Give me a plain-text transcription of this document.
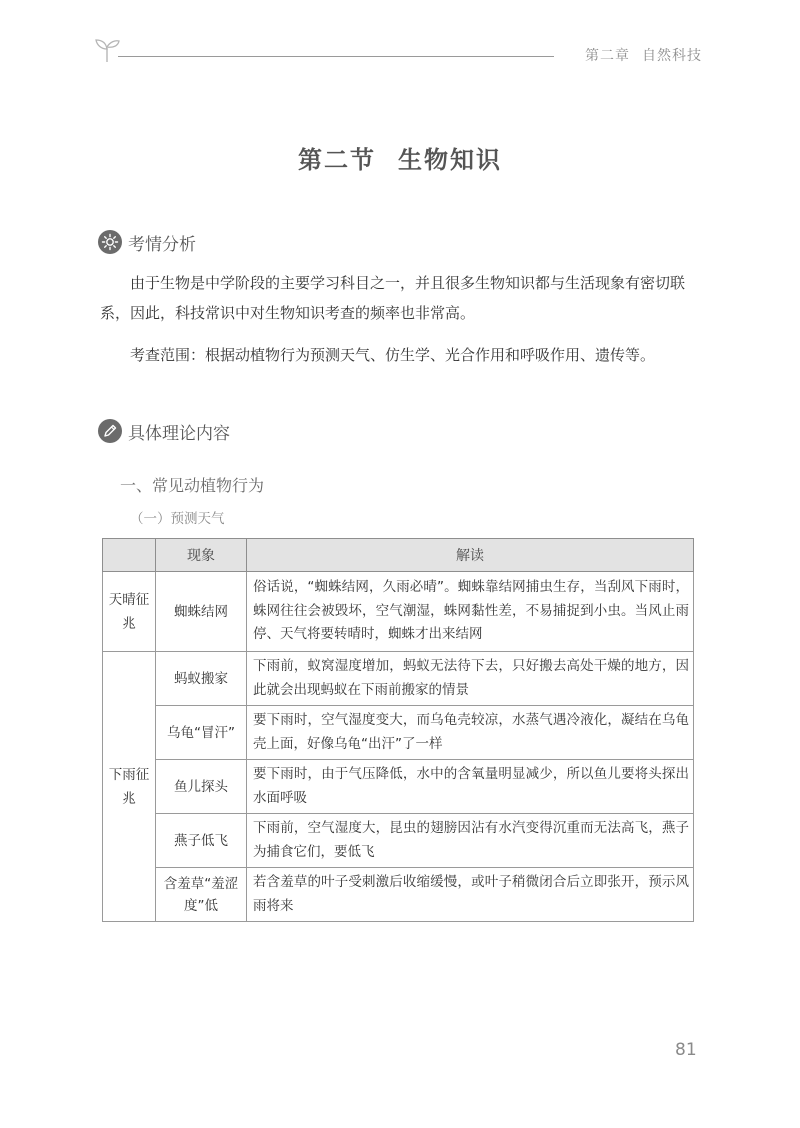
第二章 自然科技
第二节 生物知识
考情分析

由于生物是中学阶段的主要学习科目之一，并且很多生物知识都与生活现象有密切联系，因此，科技常识中对生物知识考查的频率也非常高。

考查范围：根据动植物行为预测天气、仿生学、光合作用和呼吸作用、遗传等。

具体理论内容
一、常见动植物行为
（一）预测天气
	现象	解读
天晴征兆	蜘蛛结网	俗话说，“蜘蛛结网，久雨必晴”。蜘蛛靠结网捕虫生存，当刮风下雨时，蛛网往往会被毁坏，空气潮湿，蛛网黏性差，不易捕捉到小虫。当风止雨停、天气将要转晴时，蜘蛛才出来结网
下雨征兆	蚂蚁搬家	下雨前，蚁窝湿度增加，蚂蚁无法待下去，只好搬去高处干燥的地方，因此就会出现蚂蚁在下雨前搬家的情景
	乌龟“冒汗”	要下雨时，空气湿度变大，而乌龟壳较凉，水蒸气遇冷液化，凝结在乌龟壳上面，好像乌龟“出汗”了一样
	鱼儿探头	要下雨时，由于气压降低，水中的含氧量明显减少，所以鱼儿要将头探出水面呼吸
	燕子低飞	下雨前，空气湿度大，昆虫的翅膀因沾有水汽变得沉重而无法高飞，燕子为捕食它们，要低飞
	含羞草“羞涩度”低	若含羞草的叶子受刺激后收缩缓慢，或叶子稍微闭合后立即张开，预示风雨将来
81
